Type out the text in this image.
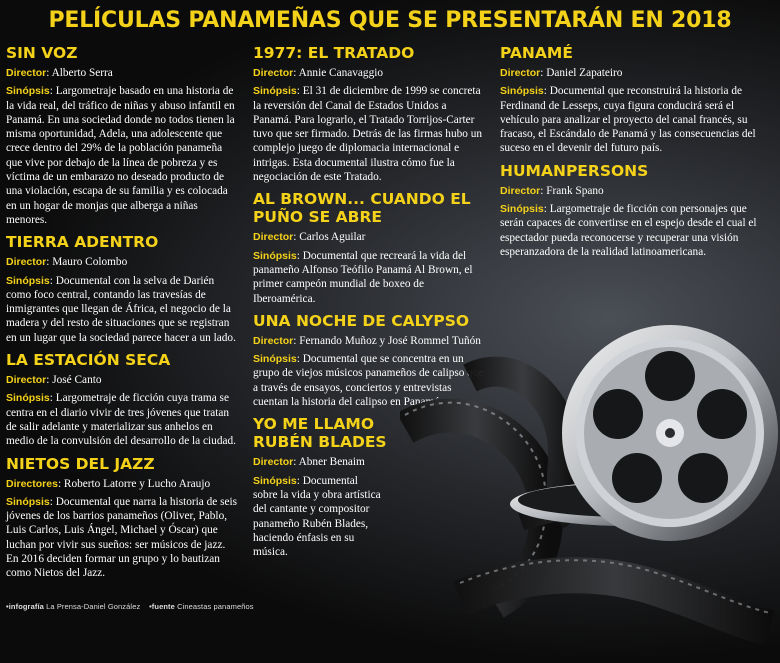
PELÍCULAS PANAMEÑAS QUE SE PRESENTARÁN EN 2018
SIN VOZ
Director: Alberto Serra
Sinópsis: Largometraje basado en una historia de la vida real, del tráfico de niñas y abuso infantil en Panamá. En una sociedad donde no todos tienen la misma oportunidad, Adela, una adolescente que crece dentro del 29% de la población panameña que vive por debajo de la línea de pobreza y es víctima de un embarazo no deseado producto de una violación, escapa de su familia y es colocada en un hogar de monjas que alberga a niñas menores.
TIERRA ADENTRO
Director: Mauro Colombo
Sinópsis: Documental con la selva de Darién como foco central, contando las travesías de inmigrantes que llegan de África, el negocio de la madera y del resto de situaciones que se registran en un lugar que la sociedad parece hacer a un lado.
LA ESTACIÓN SECA
Director: José Canto
Sinópsis: Largometraje de ficción cuya trama se centra en el diario vivir de tres jóvenes que tratan de salir adelante y materializar sus anhelos en medio de la convulsión del desarrollo de la ciudad.
NIETOS DEL JAZZ
Directores: Roberto Latorre y Lucho Araujo
Sinópsis: Documental que narra la historia de seis jóvenes de los barrios panameños (Oliver, Pablo, Luis Carlos, Luis Ángel, Michael y Óscar) que luchan por vivir sus sueños: ser músicos de jazz. En 2016 deciden formar un grupo y lo bautizan como Nietos del Jazz.
1977: EL TRATADO
Director: Annie Canavaggio
Sinópsis: El 31 de diciembre de 1999 se concreta la reversión del Canal de Estados Unidos a Panamá. Para lograrlo, el Tratado Torrijos-Carter tuvo que ser firmado. Detrás de las firmas hubo un complejo juego de diplomacia internacional e intrigas. Esta documental ilustra cómo fue la negociación de este Tratado.
AL BROWN... CUANDO EL PUÑO SE ABRE
Director: Carlos Aguilar
Sinópsis: Documental que recreará la vida del panameño Alfonso Teófilo Panamá Al Brown, el primer campeón mundial de boxeo de Iberoamérica.
UNA NOCHE DE CALYPSO
Director: Fernando Muñoz y José Rommel Tuñón
Sinópsis: Documental que se concentra en un grupo de viejos músicos panameños de calipso que a través de ensayos, conciertos y entrevistas cuentan la historia del calipso en Panamá.
YO ME LLAMO RUBÉN BLADES
Director: Abner Benaim
Sinópsis: Documental sobre la vida y obra artística del cantante y compositor panameño Rubén Blades, haciendo énfasis en su música.
PANAMÉ
Director: Daniel Zapateiro
Sinópsis: Documental que reconstruirá la historia de Ferdinand de Lesseps, cuya figura conducirá será el vehículo para analizar el proyecto del canal francés, su fracaso, el Escándalo de Panamá y las consecuencias del suceso en el devenir del futuro país.
HUMANPERSONS
Director: Frank Spano
Sinópsis: Largometraje de ficción con personajes que serán capaces de convertirse en el espejo desde el cual el espectador pueda reconocerse y recuperar una visión esperanzadora de la realidad latinoamericana.
•infografía La Prensa-Daniel González •fuente Cineastas panameños
